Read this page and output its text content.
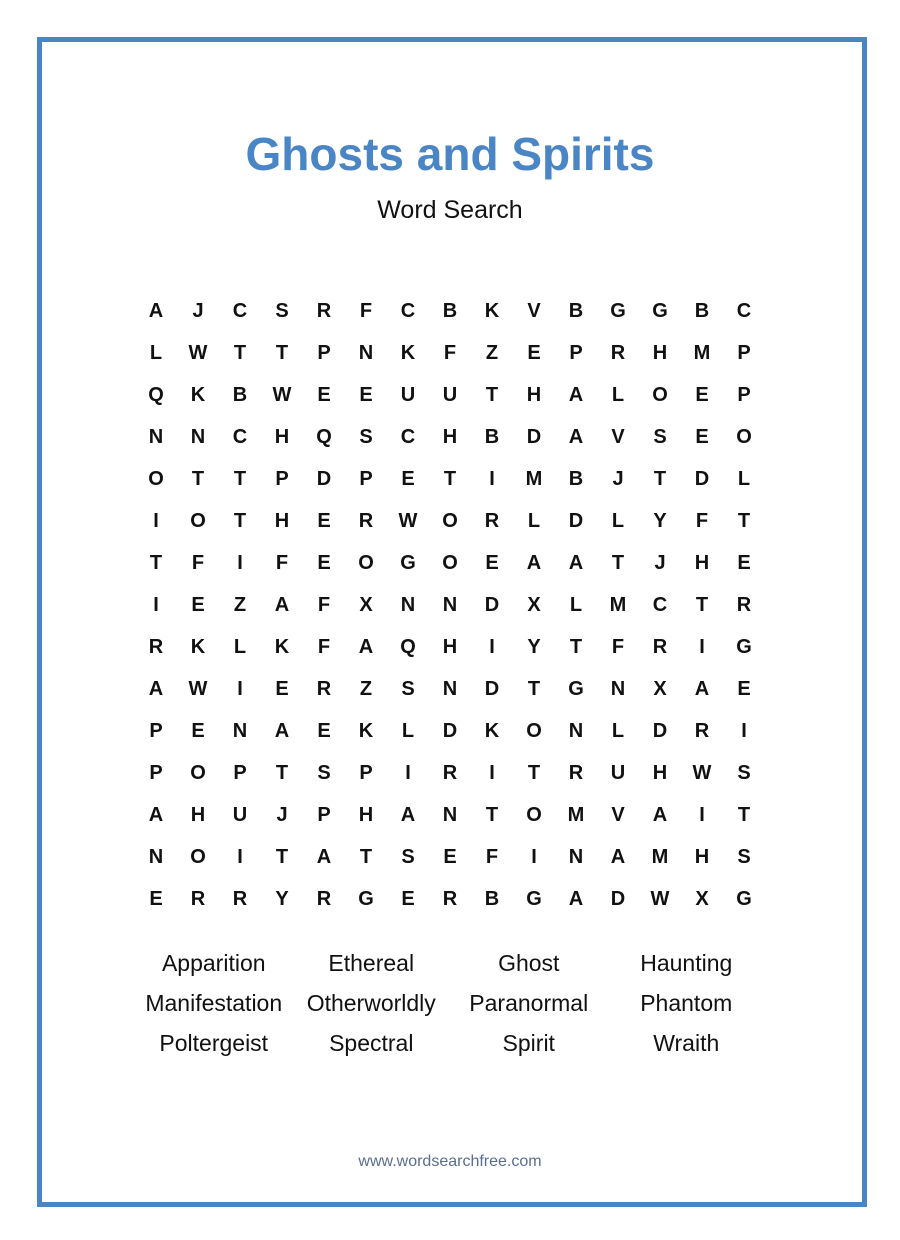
Ghosts and Spirits
Word Search
A	J	C	S	R	F	C	B	K	V	B	G	G	B	C
L	W	T	T	P	N	K	F	Z	E	P	R	H	M	P
Q	K	B	W	E	E	U	U	T	H	A	L	O	E	P
N	N	C	H	Q	S	C	H	B	D	A	V	S	E	O
O	T	T	P	D	P	E	T	I	M	B	J	T	D	L
I	O	T	H	E	R	W	O	R	L	D	L	Y	F	T
T	F	I	F	E	O	G	O	E	A	A	T	J	H	E
I	E	Z	A	F	X	N	N	D	X	L	M	C	T	R
R	K	L	K	F	A	Q	H	I	Y	T	F	R	I	G
A	W	I	E	R	Z	S	N	D	T	G	N	X	A	E
P	E	N	A	E	K	L	D	K	O	N	L	D	R	I
P	O	P	T	S	P	I	R	I	T	R	U	H	W	S
A	H	U	J	P	H	A	N	T	O	M	V	A	I	T
N	O	I	T	A	T	S	E	F	I	N	A	M	H	S
E	R	R	Y	R	G	E	R	B	G	A	D	W	X	G
Apparition	Ethereal	Ghost	Haunting
Manifestation	Otherworldly	Paranormal	Phantom
Poltergeist	Spectral	Spirit	Wraith
www.wordsearchfree.com
